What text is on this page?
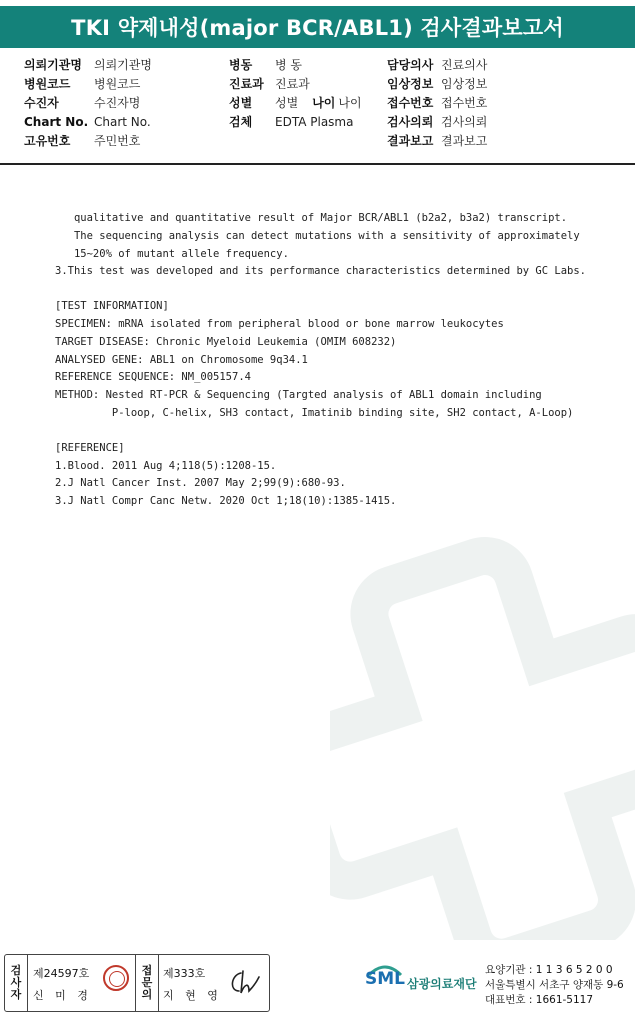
TKI 약제내성(major BCR/ABL1) 검사결과보고서
의뢰기관명 의뢰기관명
병원코드 병원코드
수진자	수진자명
Chart No. Chart No.
고유번호 주민번호
병동 병 동
진료과 진료과
성별 성별 나이 나이
검체 EDTA Plasma
담당의사 진료의사
임상정보 임상정보
접수번호 접수번호
검사의뢰 검사의뢰
결과보고 결과보고
qualitative and quantitative result of Major BCR/ABL1 (b2a2, b3a2) transcript.
The sequencing analysis can detect mutations with a sensitivity of approximately
15~20% of mutant allele frequency.
3.This test was developed and its performance characteristics determined by GC Labs.
[TEST INFORMATION]
SPECIMEN: mRNA isolated from peripheral blood or bone marrow leukocytes
TARGET DISEASE: Chronic Myeloid Leukemia (OMIM 608232)
ANALYSED GENE: ABL1 on Chromosome 9q34.1
REFERENCE SEQUENCE: NM_005157.4
METHOD: Nested RT-PCR & Sequencing (Targted analysis of ABL1 domain including
P-loop, C-helix, SH3 contact, Imatinib binding site, SH2 contact, A-Loop)
[REFERENCE]
1.Blood. 2011 Aug 4;118(5):1208-15.
2.J Natl Cancer Inst. 2007 May 2;99(9):680-93.
3.J Natl Compr Canc Netw. 2020 Oct 1;18(10):1385-1415.
검
사
자
제24597호
신 미 경
접
문
의
제333호
지 현 영
SML 삼광의료재단
요양기관 : 1 1 3 6 5 2 0 0
서울특별시 서초구 양재동 9-6
대표번호 : 1661-5117
